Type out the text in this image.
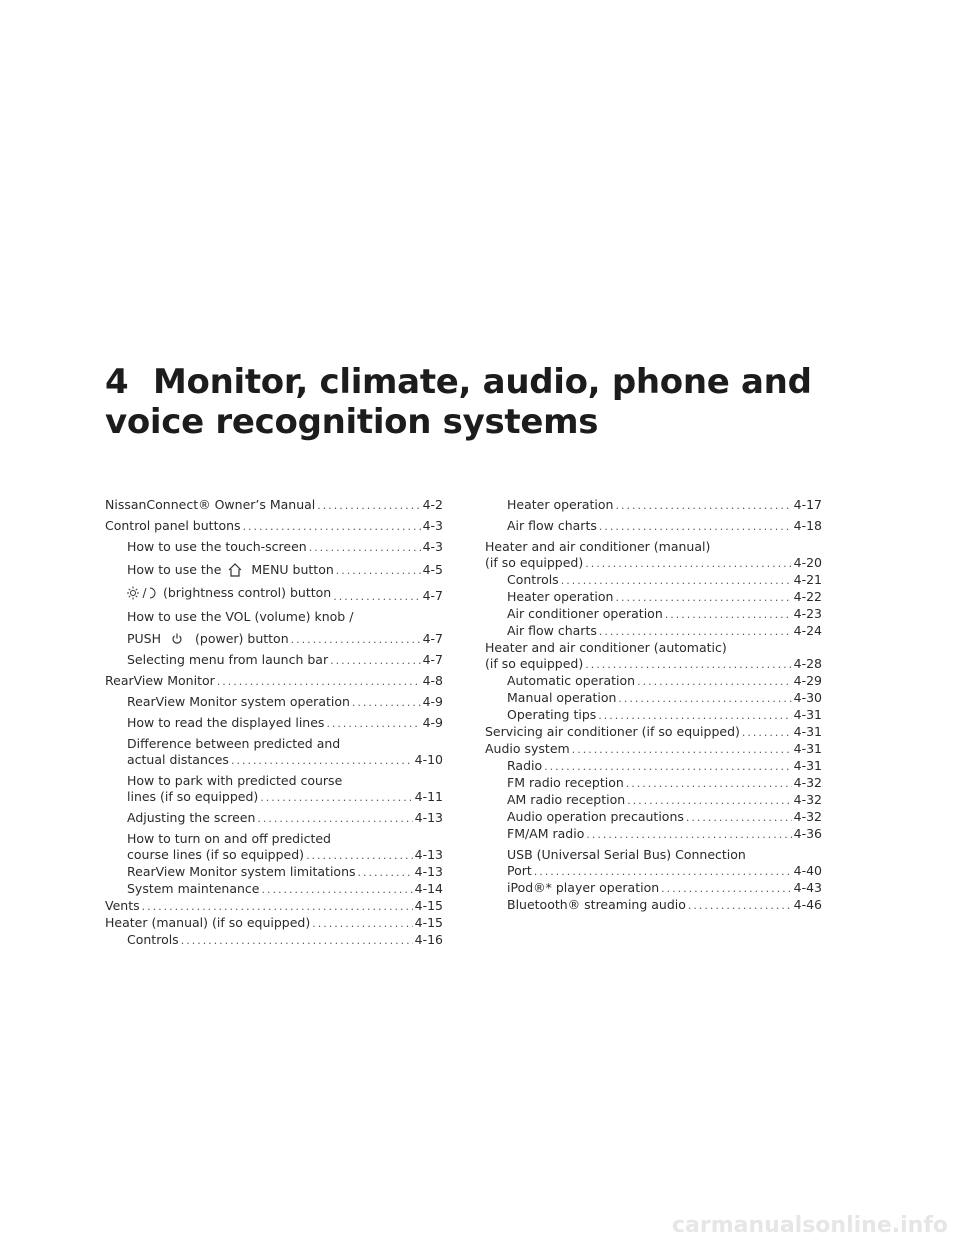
4 Monitor, climate, audio, phone and
voice recognition systems
NissanConnect® Owner’s Manual .....	4-2
Control panel buttons .....	4-3
How to use the touch-screen .....	4-3
How to use the MENU button .....	4-5
(brightness control) button .....	4-7
How to use the VOL (volume) knob /
PUSH	(power) button .....	4-7
Selecting menu from launch bar .....	4-7
RearView Monitor .....	4-8
RearView Monitor system operation .....	4-9
How to read the displayed lines .....	4-9
Difference between predicted and
actual distances .....	4-10
How to park with predicted course
lines (if so equipped) .....	4-11
Adjusting the screen .....	4-13
How to turn on and off predicted
course lines (if so equipped) .....	4-13
RearView Monitor system limitations .....	4-13
System maintenance .....	4-14
Vents .....	4-15
Heater (manual) (if so equipped) .....	4-15
Controls .....	4-16
Heater operation .....	4-17
Air flow charts .....	4-18
Heater and air conditioner (manual)
(if so equipped) .....	4-20
Controls .....	4-21
Heater operation .....	4-22
Air conditioner operation .....	4-23
Air flow charts .....	4-24
Heater and air conditioner (automatic)
(if so equipped) .....	4-28
Automatic operation .....	4-29
Manual operation .....	4-30
Operating tips .....	4-31
Servicing air conditioner (if so equipped) .....	4-31
Audio system .....	4-31
Radio .....	4-31
FM radio reception .....	4-32
AM radio reception .....	4-32
Audio operation precautions .....	4-32
FM/AM radio .....	4-36
USB (Universal Serial Bus) Connection
Port .....	4-40
iPod®* player operation .....	4-43
Bluetooth® streaming audio .....	4-46
carmanualsonline.info
